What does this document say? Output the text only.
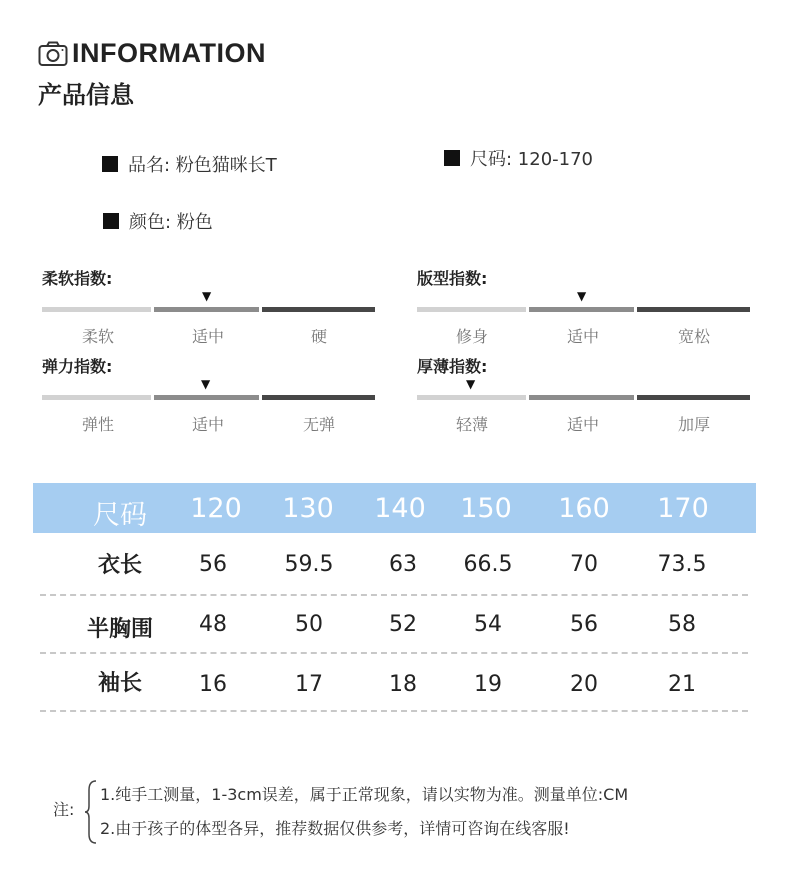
INFORMATION
产品信息
品名: 粉色猫咪长T	尺码: 120-170
颜色: 粉色
柔软指数:
▼
柔软	适中	硬
版型指数:
▼
修身	适中	宽松
弹力指数:
▼
弹性	适中	无弹
厚薄指数:
▼
轻薄	适中	加厚
尺码 120 130 140 150 160 170
衣长	56	59.5	63 66.5	70	73.5
半胸围 48	50	52	54	56	58
袖长	16	17	18	19	20	21
注:
1.纯手工测量，1-3cm误差，属于正常现象，请以实物为准。测量单位:CM
2.由于孩子的体型各异，推荐数据仅供参考，详情可咨询在线客服!
